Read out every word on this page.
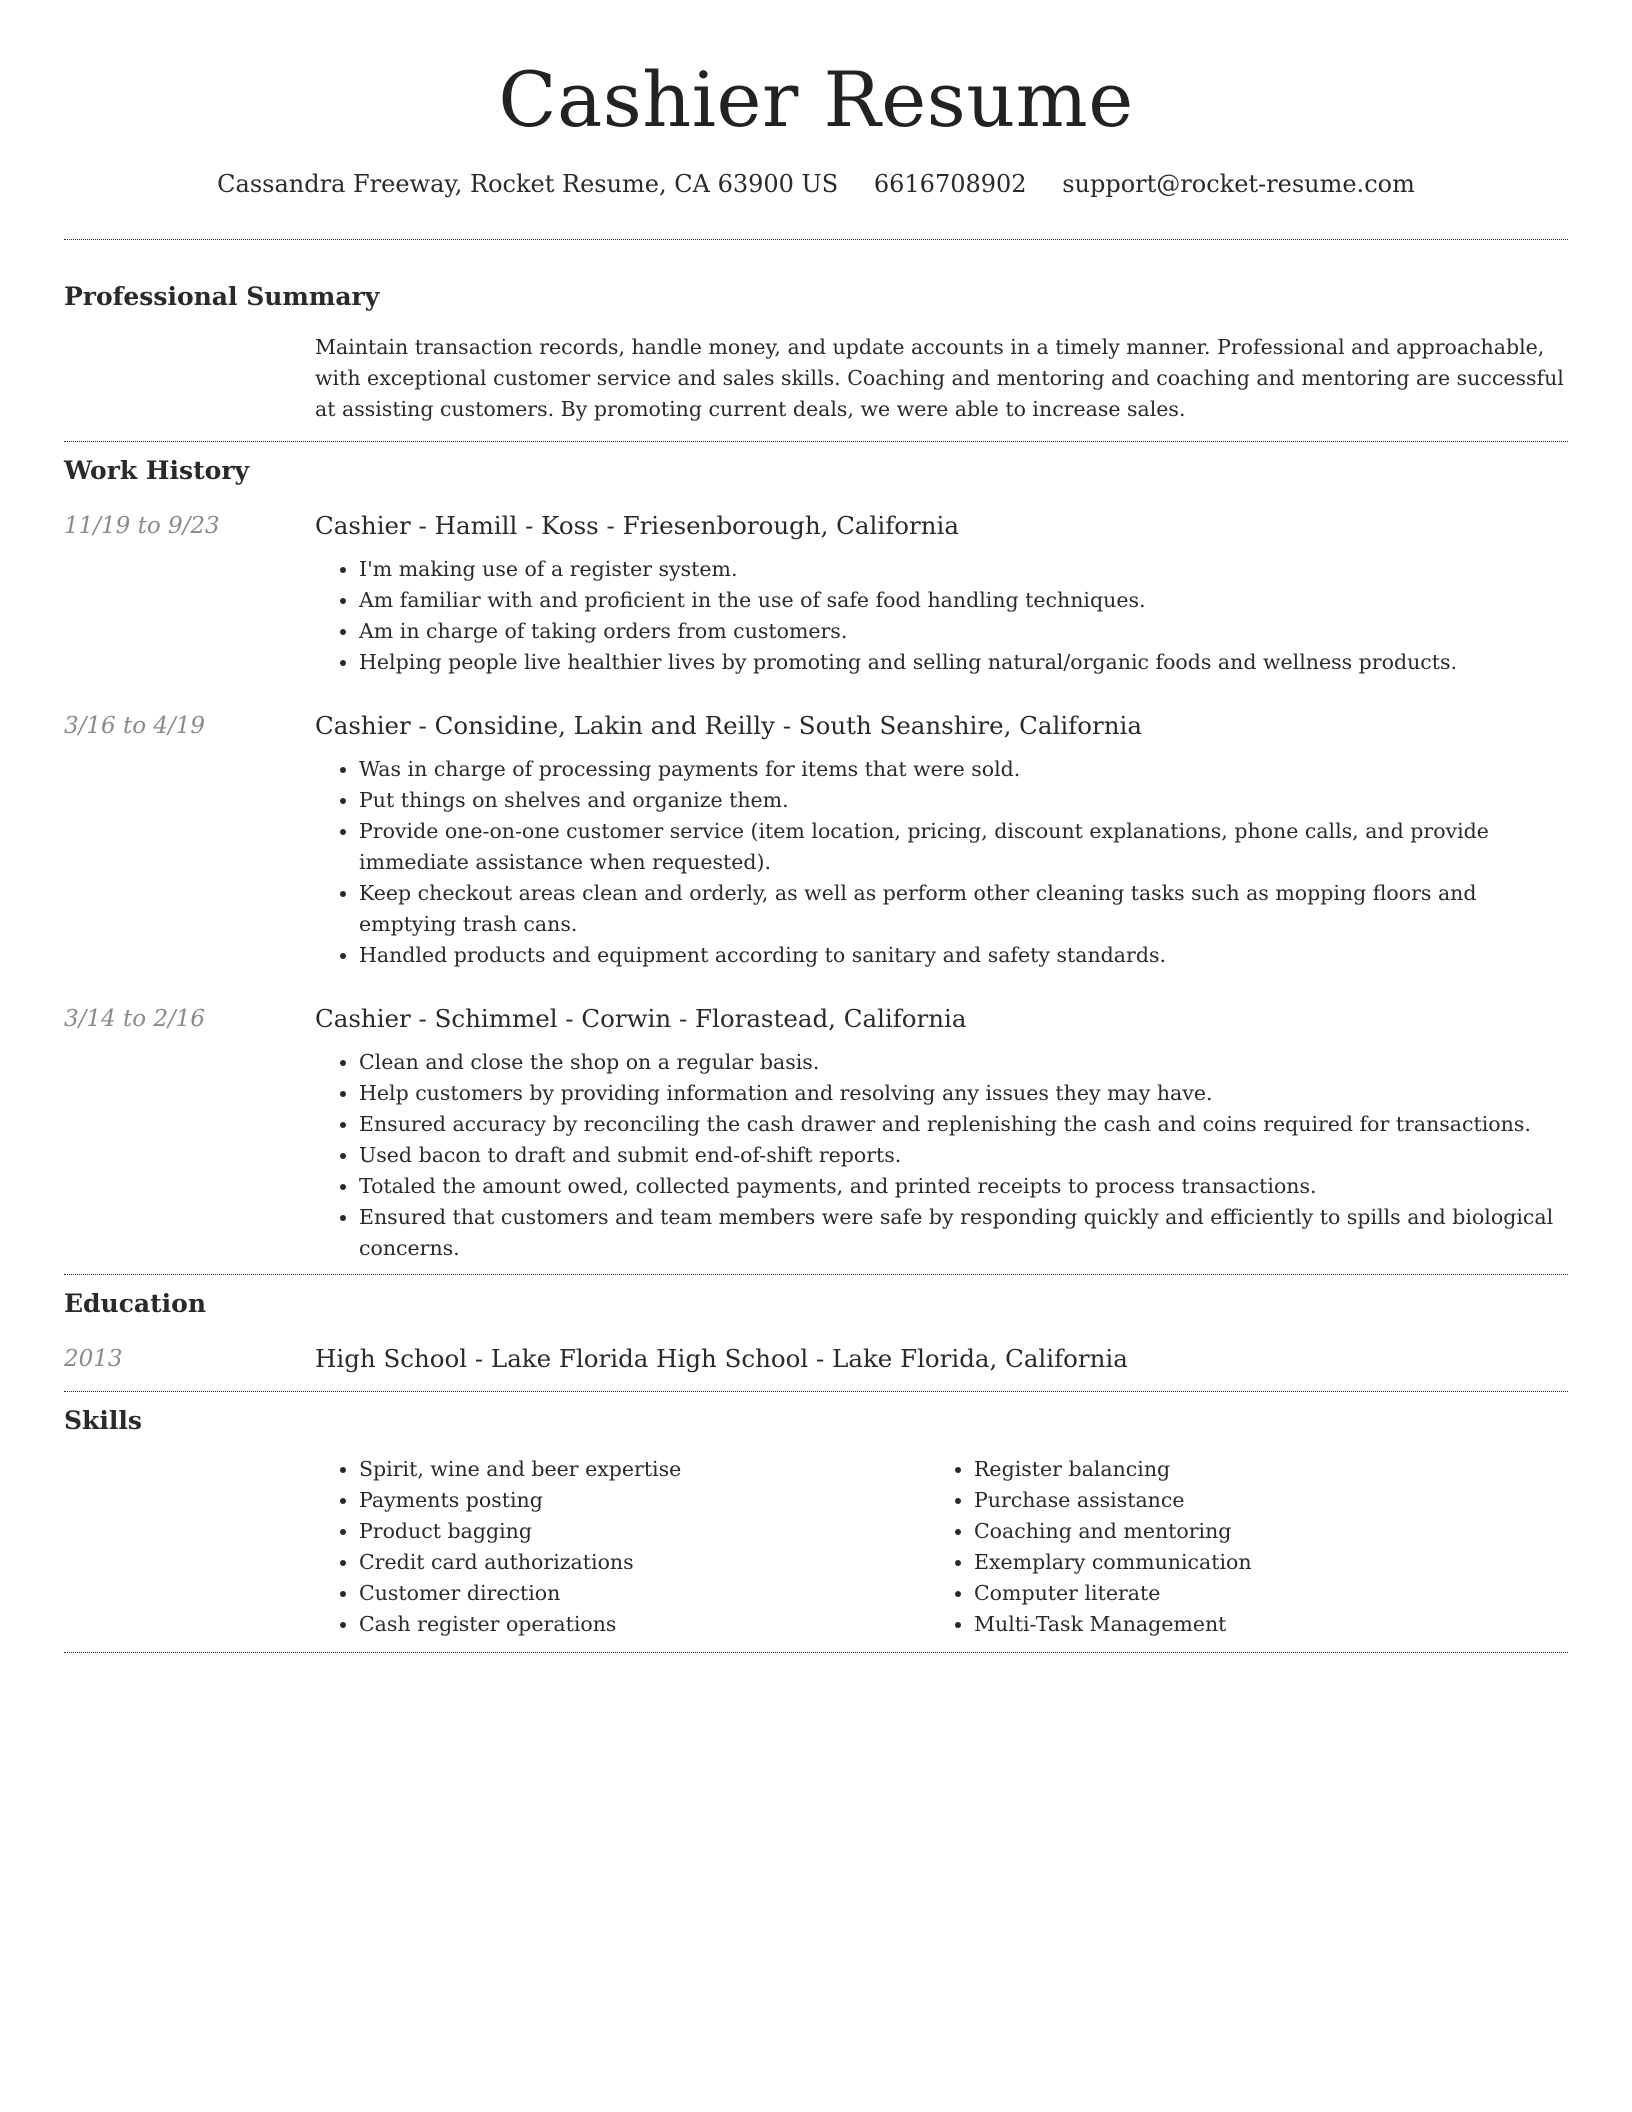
Cashier Resume
Cassandra Freeway, Rocket Resume, CA 63900 US 6616708902 support@rocket-resume.com
Professional Summary
Maintain transaction records, handle money, and update accounts in a timely manner. Professional and approachable, with exceptional customer service and sales skills. Coaching and mentoring and coaching and mentoring are successful at assisting customers. By promoting current deals, we were able to increase sales.
Work History
11/19 to 9/23	Cashier - Hamill - Koss - Friesenborough, California
• I'm making use of a register system.
• Am familiar with and proficient in the use of safe food handling techniques.
• Am in charge of taking orders from customers.
• Helping people live healthier lives by promoting and selling natural/organic foods and wellness products.
3/16 to 4/19	Cashier - Considine, Lakin and Reilly - South Seanshire, California
• Was in charge of processing payments for items that were sold.
• Put things on shelves and organize them.
• Provide one-on-one customer service (item location, pricing, discount explanations, phone calls, and provide immediate assistance when requested).
• Keep checkout areas clean and orderly, as well as perform other cleaning tasks such as mopping floors and emptying trash cans.
• Handled products and equipment according to sanitary and safety standards.
3/14 to 2/16	Cashier - Schimmel - Corwin - Florastead, California
• Clean and close the shop on a regular basis.
• Help customers by providing information and resolving any issues they may have.
• Ensured accuracy by reconciling the cash drawer and replenishing the cash and coins required for transactions.
• Used bacon to draft and submit end-of-shift reports.
• Totaled the amount owed, collected payments, and printed receipts to process transactions.
• Ensured that customers and team members were safe by responding quickly and efficiently to spills and biological concerns.
Education
2013	High School - Lake Florida High School - Lake Florida, California
Skills
• Spirit, wine and beer expertise
• Payments posting
• Product bagging
• Credit card authorizations
• Customer direction
• Cash register operations
• Register balancing
• Purchase assistance
• Coaching and mentoring
• Exemplary communication
• Computer literate
• Multi-Task Management
